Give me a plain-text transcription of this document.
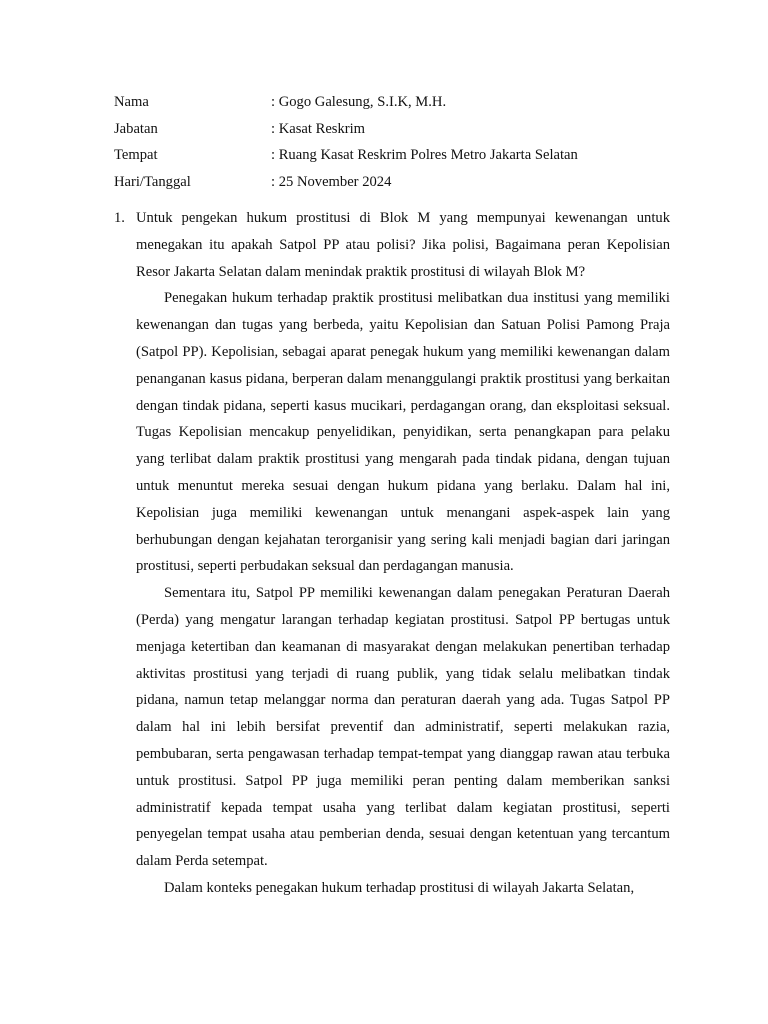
Nama	: Gogo Galesung, S.I.K, M.H.
Jabatan	: Kasat Reskrim
Tempat	: Ruang Kasat Reskrim Polres Metro Jakarta Selatan
Hari/Tanggal	: 25 November 2024
1. Untuk pengekan hukum prostitusi di Blok M yang mempunyai kewenangan untuk menegakan itu apakah Satpol PP atau polisi? Jika polisi, Bagaimana peran Kepolisian Resor Jakarta Selatan dalam menindak praktik prostitusi di wilayah Blok M?

Penegakan hukum terhadap praktik prostitusi melibatkan dua institusi yang memiliki kewenangan dan tugas yang berbeda, yaitu Kepolisian dan Satuan Polisi Pamong Praja (Satpol PP). Kepolisian, sebagai aparat penegak hukum yang memiliki kewenangan dalam penanganan kasus pidana, berperan dalam menanggulangi praktik prostitusi yang berkaitan dengan tindak pidana, seperti kasus mucikari, perdagangan orang, dan eksploitasi seksual. Tugas Kepolisian mencakup penyelidikan, penyidikan, serta penangkapan para pelaku yang terlibat dalam praktik prostitusi yang mengarah pada tindak pidana, dengan tujuan untuk menuntut mereka sesuai dengan hukum pidana yang berlaku. Dalam hal ini, Kepolisian juga memiliki kewenangan untuk menangani aspek-aspek lain yang berhubungan dengan kejahatan terorganisir yang sering kali menjadi bagian dari jaringan prostitusi, seperti perbudakan seksual dan perdagangan manusia.

Sementara itu, Satpol PP memiliki kewenangan dalam penegakan Peraturan Daerah (Perda) yang mengatur larangan terhadap kegiatan prostitusi. Satpol PP bertugas untuk menjaga ketertiban dan keamanan di masyarakat dengan melakukan penertiban terhadap aktivitas prostitusi yang terjadi di ruang publik, yang tidak selalu melibatkan tindak pidana, namun tetap melanggar norma dan peraturan daerah yang ada. Tugas Satpol PP dalam hal ini lebih bersifat preventif dan administratif, seperti melakukan razia, pembubaran, serta pengawasan terhadap tempat-tempat yang dianggap rawan atau terbuka untuk prostitusi. Satpol PP juga memiliki peran penting dalam memberikan sanksi administratif kepada tempat usaha yang terlibat dalam kegiatan prostitusi, seperti penyegelan tempat usaha atau pemberian denda, sesuai dengan ketentuan yang tercantum dalam Perda setempat.

Dalam konteks penegakan hukum terhadap prostitusi di wilayah Jakarta Selatan,
